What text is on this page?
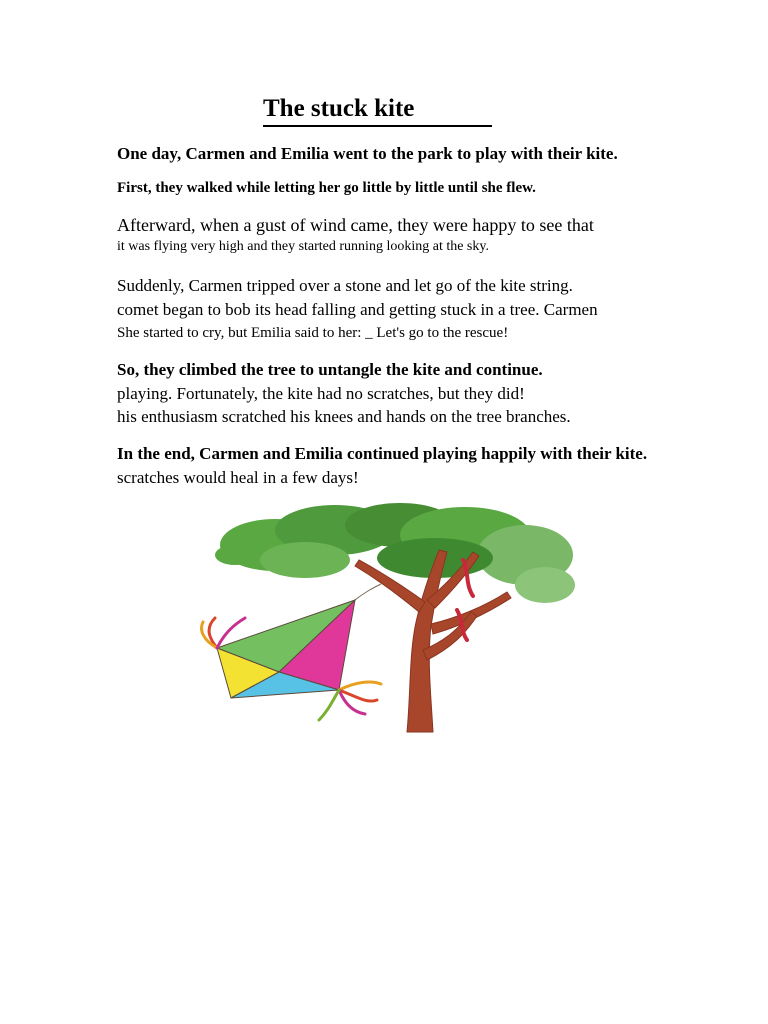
The stuck kite
One day, Carmen and Emilia went to the park to play with their kite.
First, they walked while letting her go little by little until she flew.
Afterward, when a gust of wind came, they were happy to see that
it was flying very high and they started running looking at the sky.
Suddenly, Carmen tripped over a stone and let go of the kite string.
comet began to bob its head falling and getting stuck in a tree. Carmen
She started to cry, but Emilia said to her: _ Let's go to the rescue!
So, they climbed the tree to untangle the kite and continue.
playing. Fortunately, the kite had no scratches, but they did!
his enthusiasm scratched his knees and hands on the tree branches.
In the end, Carmen and Emilia continued playing happily with their kite.
scratches would heal in a few days!
